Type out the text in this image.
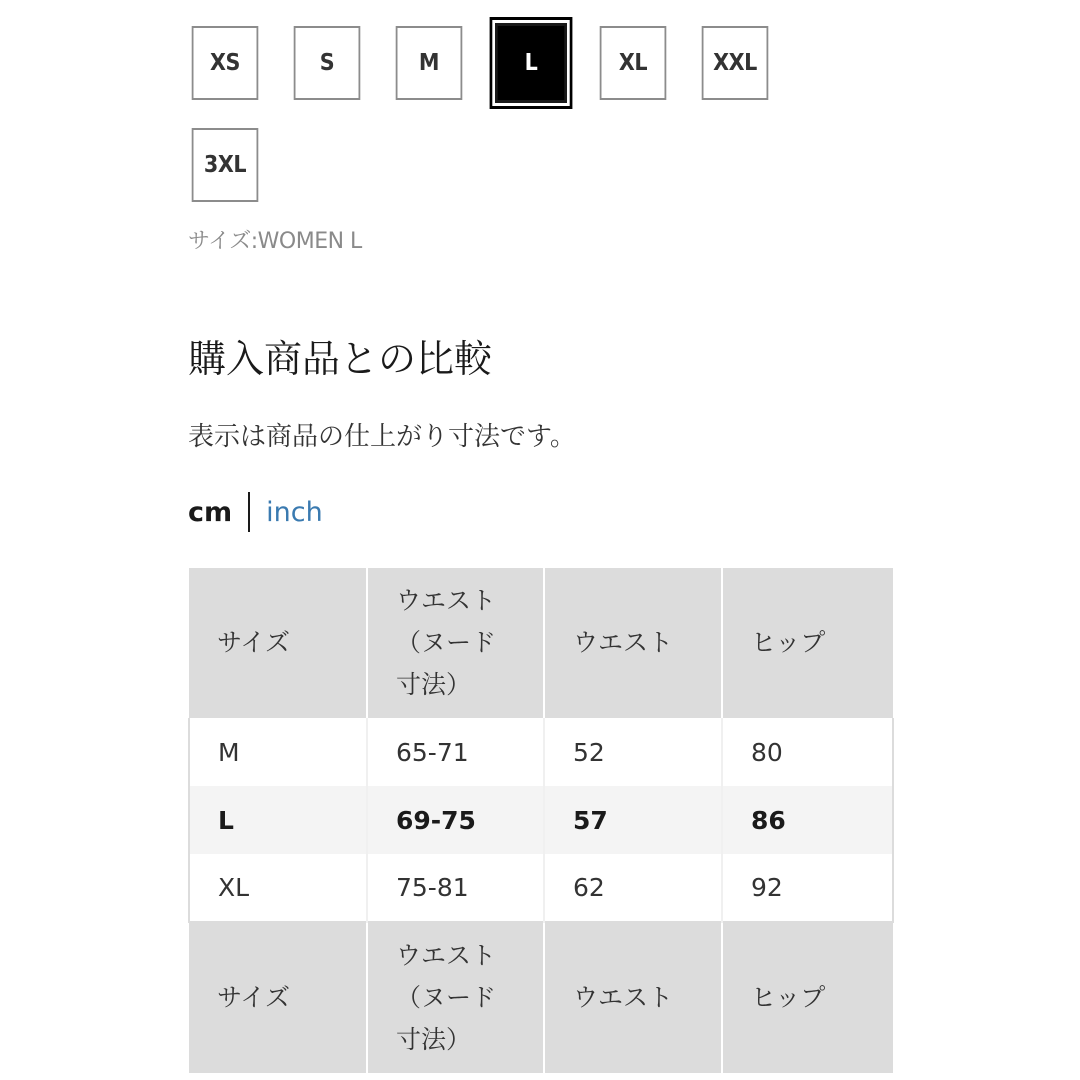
XS	S	M	L	XL	XXL
3XL
サイズ:WOMEN L
購入商品との比較
表示は商品の仕上がり寸法です。
cm inch
サイズ	ウエスト
（ヌード
寸法）	ウエスト	ヒップ
M	65-71	52	80
L	69-75	57	86
XL	75-81	62	92
サイズ	ウエスト
（ヌード
寸法）	ウエスト	ヒップ
